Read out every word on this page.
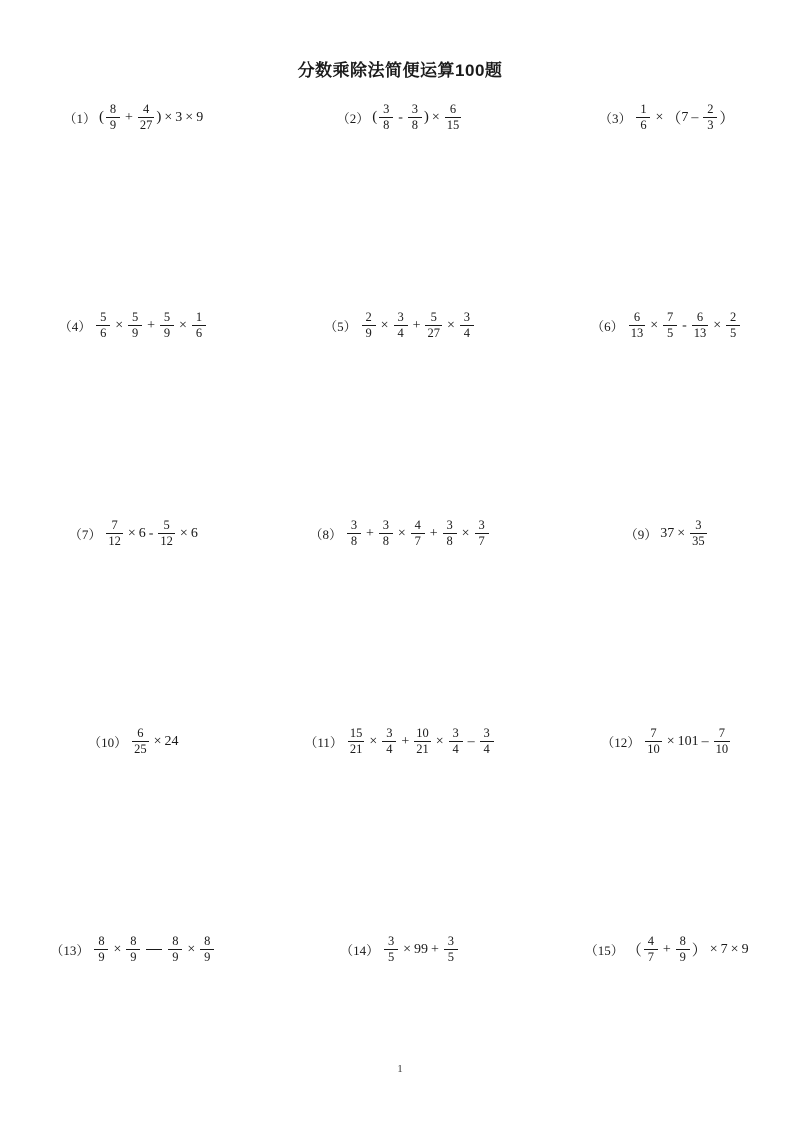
分数乘除法简便运算100题
（1） ( $\frac{8}{9} + \frac{4}{27}$ ) × 3 × 9	（2） ( $\frac{3}{8} - \frac{3}{8}$ ) × $\frac{6}{15}$	$(3) \frac{1}{6}$ × （ $7 - \frac{2}{3}$ ）
$(4) \frac{5}{6} \times \frac{5}{9} + \frac{5}{9} \times \frac{1}{6}$	$(5) \frac{2}{9} \times \frac{3}{4} + \frac{5}{27} \times \frac{3}{4}$	$(6) \frac{6}{13} \times \frac{7}{5} - \frac{6}{13} \times \frac{2}{5}$
$(7) \frac{7}{12} \times 6 - \frac{5}{12} \times 6$	$(8) \frac{3}{8} + \frac{3}{8} \times \frac{4}{7} + \frac{3}{8} \times \frac{3}{7}$	（9） $37 \times \frac{3}{35}$
$(10) \frac{6}{25} \times 24$	$(11) \frac{15}{21} \times \frac{3}{4} + \frac{10}{21} \times \frac{3}{4} - \frac{3}{4}$	$(12) \frac{7}{10} \times 101 - \frac{7}{10}$
$(13) \frac{8}{9} \times \frac{8}{9} \frac{8}{9} \times \frac{8}{9}$	$(14) \frac{3}{5} \times 99 + \frac{3}{5}$	（15） （ $\frac{4}{7} + \frac{8}{9}$ ） × 7 × 9
1
